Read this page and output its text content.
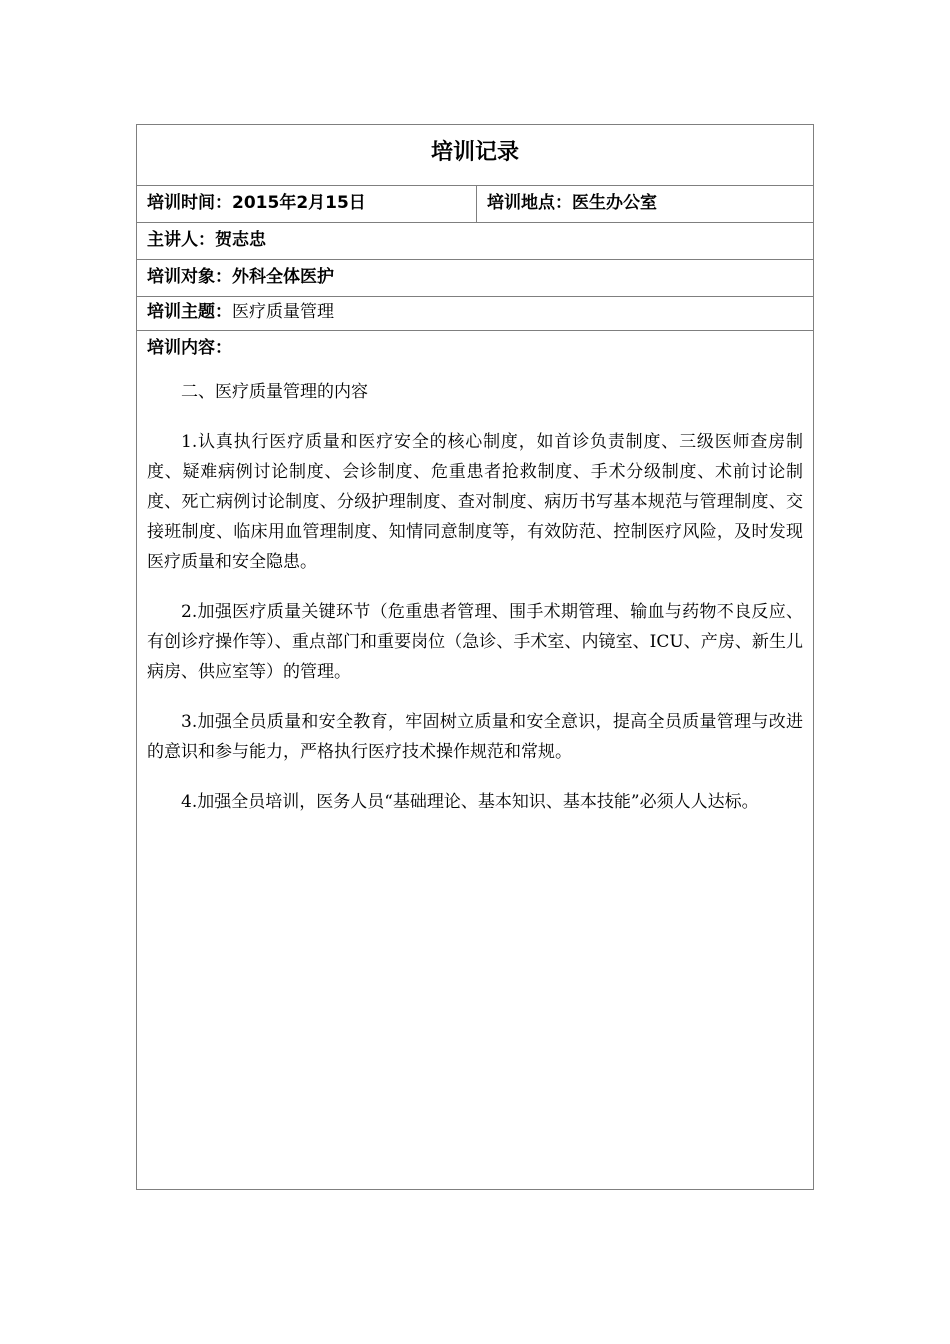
培训记录
培训时间：2015年2月15日	培训地点：医生办公室
主讲人：贺志忠
培训对象：外科全体医护
培训主题：医疗质量管理
培训内容：

二、医疗质量管理的内容

1.认真执行医疗质量和医疗安全的核心制度，如首诊负责制度、三级医师查房制度、疑难病例讨论制度、会诊制度、危重患者抢救制度、手术分级制度、术前讨论制度、死亡病例讨论制度、分级护理制度、查对制度、病历书写基本规范与管理制度、交接班制度、临床用血管理制度、知情同意制度等，有效防范、控制医疗风险，及时发现医疗质量和安全隐患。

2.加强医疗质量关键环节（危重患者管理、围手术期管理、输血与药物不良反应、有创诊疗操作等）、重点部门和重要岗位（急诊、手术室、内镜室、ICU、产房、新生儿病房、供应室等）的管理。

3.加强全员质量和安全教育，牢固树立质量和安全意识，提高全员质量管理与改进的意识和参与能力，严格执行医疗技术操作规范和常规。

4.加强全员培训，医务人员“基础理论、基本知识、基本技能”必须人人达标。
